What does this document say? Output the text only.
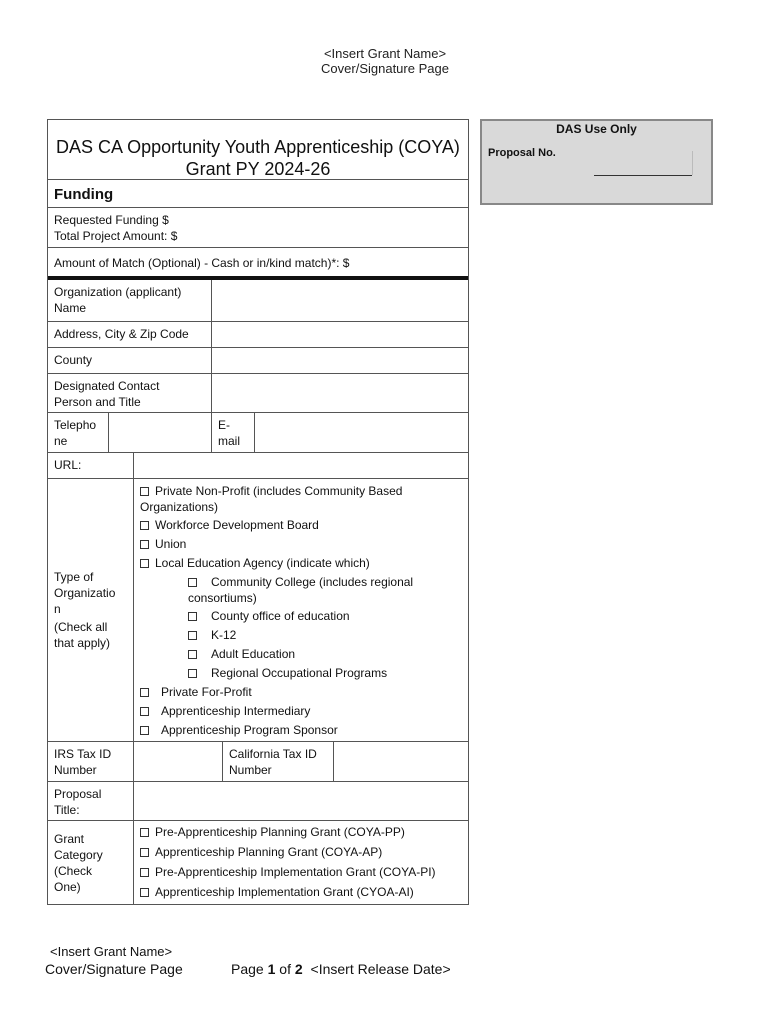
<Insert Grant Name>
Cover/Signature Page
DAS CA Opportunity Youth Apprenticeship (COYA)
Grant PY 2024-26
Funding
Requested Funding $
Total Project Amount: $
Amount of Match (Optional) - Cash or in/kind match)*: $
Organization (applicant)
Name
Address, City & Zip Code
County
Designated Contact
Person and Title
Telepho
ne
E-
mail
URL:
Type of
Organizatio
n
(Check all
that apply)
Private Non-Profit (includes Community Based
Organizations)
Workforce Development Board
Union
Local Education Agency (indicate which)
Community College (includes regional
consortiums)
County office of education
K-12
Adult Education
Regional Occupational Programs
Private For-Profit
Apprenticeship Intermediary
Apprenticeship Program Sponsor
IRS Tax ID
Number
California Tax ID
Number
Proposal
Title:
Grant
Category
(Check
One)
Pre-Apprenticeship Planning Grant (COYA-PP)
Apprenticeship Planning Grant (COYA-AP)
Pre-Apprenticeship Implementation Grant (COYA-PI)
Apprenticeship Implementation Grant (CYOA-AI)
DAS Use Only
Proposal No.
<Insert Grant Name>
Cover/Signature Page	Page 1 of 2 <Insert Release Date>
